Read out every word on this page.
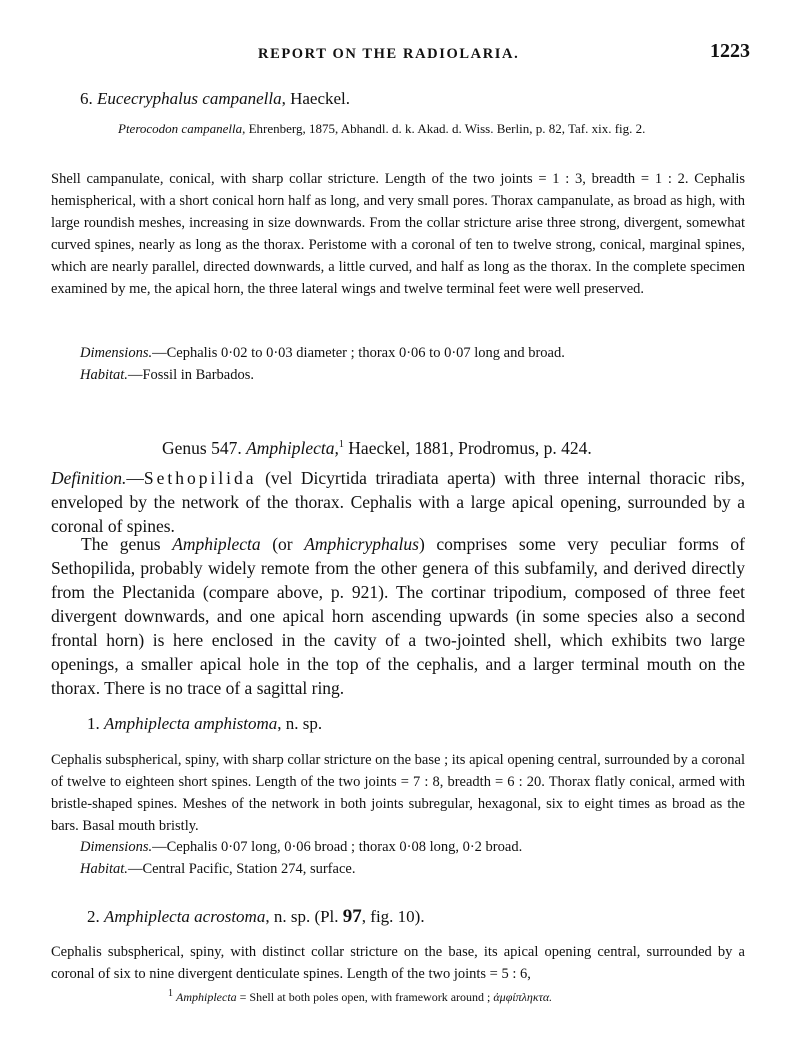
REPORT ON THE RADIOLARIA.	1223
6. Eucecryphalus campanella, Haeckel.
Pterocodon campanella, Ehrenberg, 1875, Abhandl. d. k. Akad. d. Wiss. Berlin, p. 82, Taf. xix. fig. 2.
Shell campanulate, conical, with sharp collar stricture. Length of the two joints = 1 : 3, breadth = 1 : 2. Cephalis hemispherical, with a short conical horn half as long, and very small pores. Thorax campanulate, as broad as high, with large roundish meshes, increasing in size downwards. From the collar stricture arise three strong, divergent, somewhat curved spines, nearly as long as the thorax. Peristome with a coronal of ten to twelve strong, conical, marginal spines, which are nearly parallel, directed downwards, a little curved, and half as long as the thorax. In the complete specimen examined by me, the apical horn, the three lateral wings and twelve terminal feet were well preserved.
Dimensions.—Cephalis 0·02 to 0·03 diameter ; thorax 0·06 to 0·07 long and broad.
Habitat.—Fossil in Barbados.
Genus 547. Amphiplecta,$^1$ Haeckel, 1881, Prodromus, p. 424.
Definition.—Sethopilida (vel Dicyrtida triradiata aperta) with three internal thoracic ribs, enveloped by the network of the thorax. Cephalis with a large apical opening, surrounded by a coronal of spines.
The genus Amphiplecta (or Amphicryphalus) comprises some very peculiar forms of Sethopilida, probably widely remote from the other genera of this subfamily, and derived directly from the Plectanida (compare above, p. 921). The cortinar tripodium, composed of three feet divergent downwards, and one apical horn ascending upwards (in some species also a second frontal horn) is here enclosed in the cavity of a two-jointed shell, which exhibits two large openings, a smaller apical hole in the top of the cephalis, and a larger terminal mouth on the thorax. There is no trace of a sagittal ring.
1. Amphiplecta amphistoma, n. sp.
Cephalis subspherical, spiny, with sharp collar stricture on the base ; its apical opening central, surrounded by a coronal of twelve to eighteen short spines. Length of the two joints = 7 : 8, breadth = 6 : 20. Thorax flatly conical, armed with bristle-shaped spines. Meshes of the network in both joints subregular, hexagonal, six to eight times as broad as the bars. Basal mouth bristly.
Dimensions.—Cephalis 0·07 long, 0·06 broad ; thorax 0·08 long, 0·2 broad.
Habitat.—Central Pacific, Station 274, surface.
2. Amphiplecta acrostoma, n. sp. (Pl. 97, fig. 10).
Cephalis subspherical, spiny, with distinct collar stricture on the base, its apical opening central, surrounded by a coronal of six to nine divergent denticulate spines. Length of the two joints = 5 : 6,
$^1$ Amphiplecta = Shell at both poles open, with framework around ; ἀμφίπληκτα.
